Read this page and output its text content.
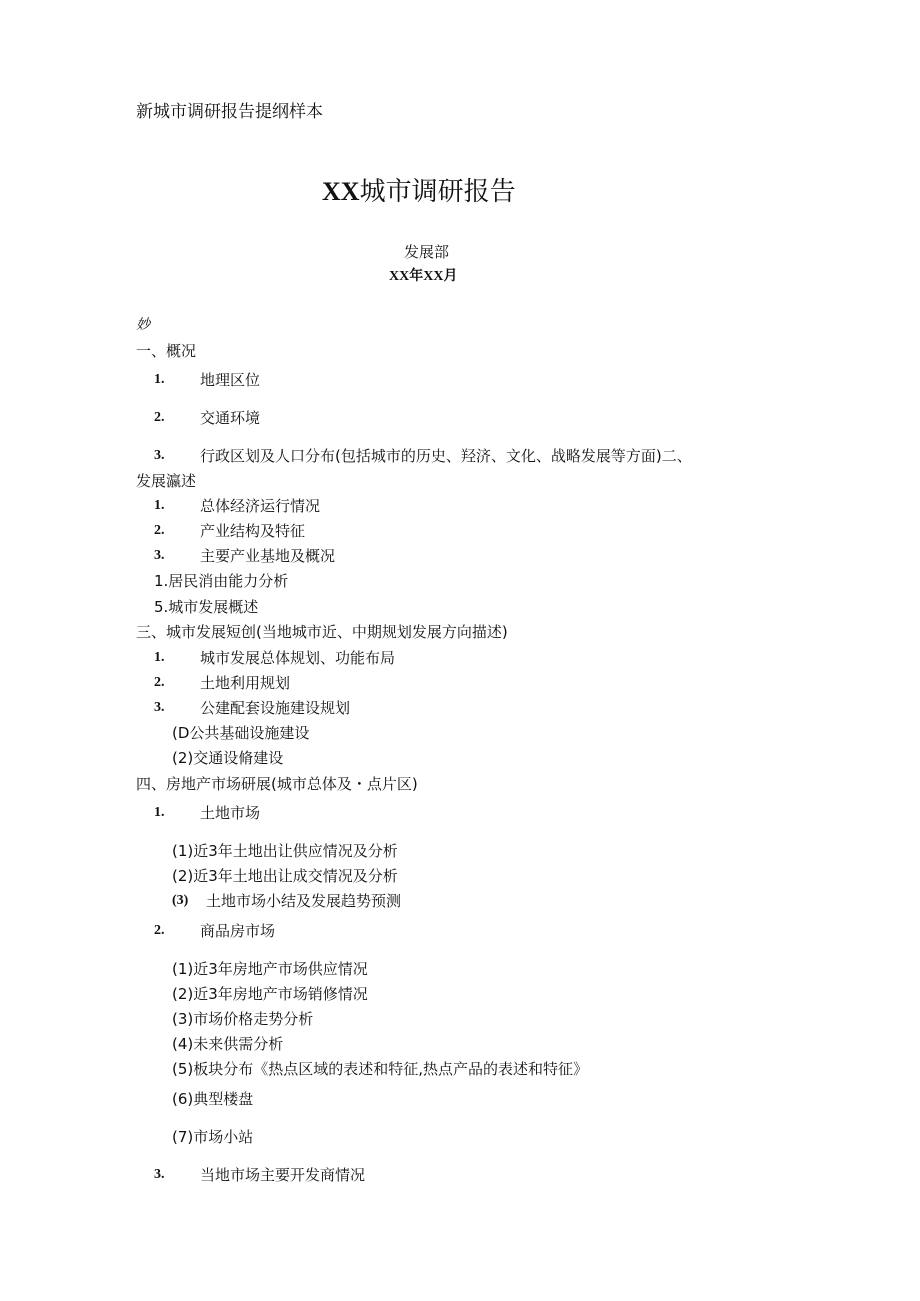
新城市调研报告提纲样本
XX城市调研报告
发展部
XX年XX月
妙
一、概况
1. 地理区位
2. 交通环境
3. 行政区划及人口分布(包括城市的历史、羟济、文化、战略发展等方面)二、
发展瀛述
1. 总体经济运行情况
2. 产业结构及特征
3. 主要产业基地及概况
1.居民消由能力分析
5.城市发展概述
三、城市发展短创(当地城市近、中期规划发展方向描述)
1. 城市发展总体规划、功能布局
2. 土地利用规划
3. 公建配套设施建设规划
(D公共基础设施建设
(2)交通设脩建设
四、房地产市场研展(城市总体及・点片区)
1. 土地市场
(1)近3年土地出让供应情况及分析
(2)近3年土地出让成交情况及分析
(3) 土地市场小结及发展趋势预测
2. 商品房市场
(1)近3年房地产市场供应情况
(2)近3年房地产市场销修情况
(3)市场价格走势分析
(4)未来供需分析
(5)板块分布《热点区域的表述和特征,热点产品的表述和特征》
(6)典型楼盘
(7)市场小站
3. 当地市场主要开发商情况
